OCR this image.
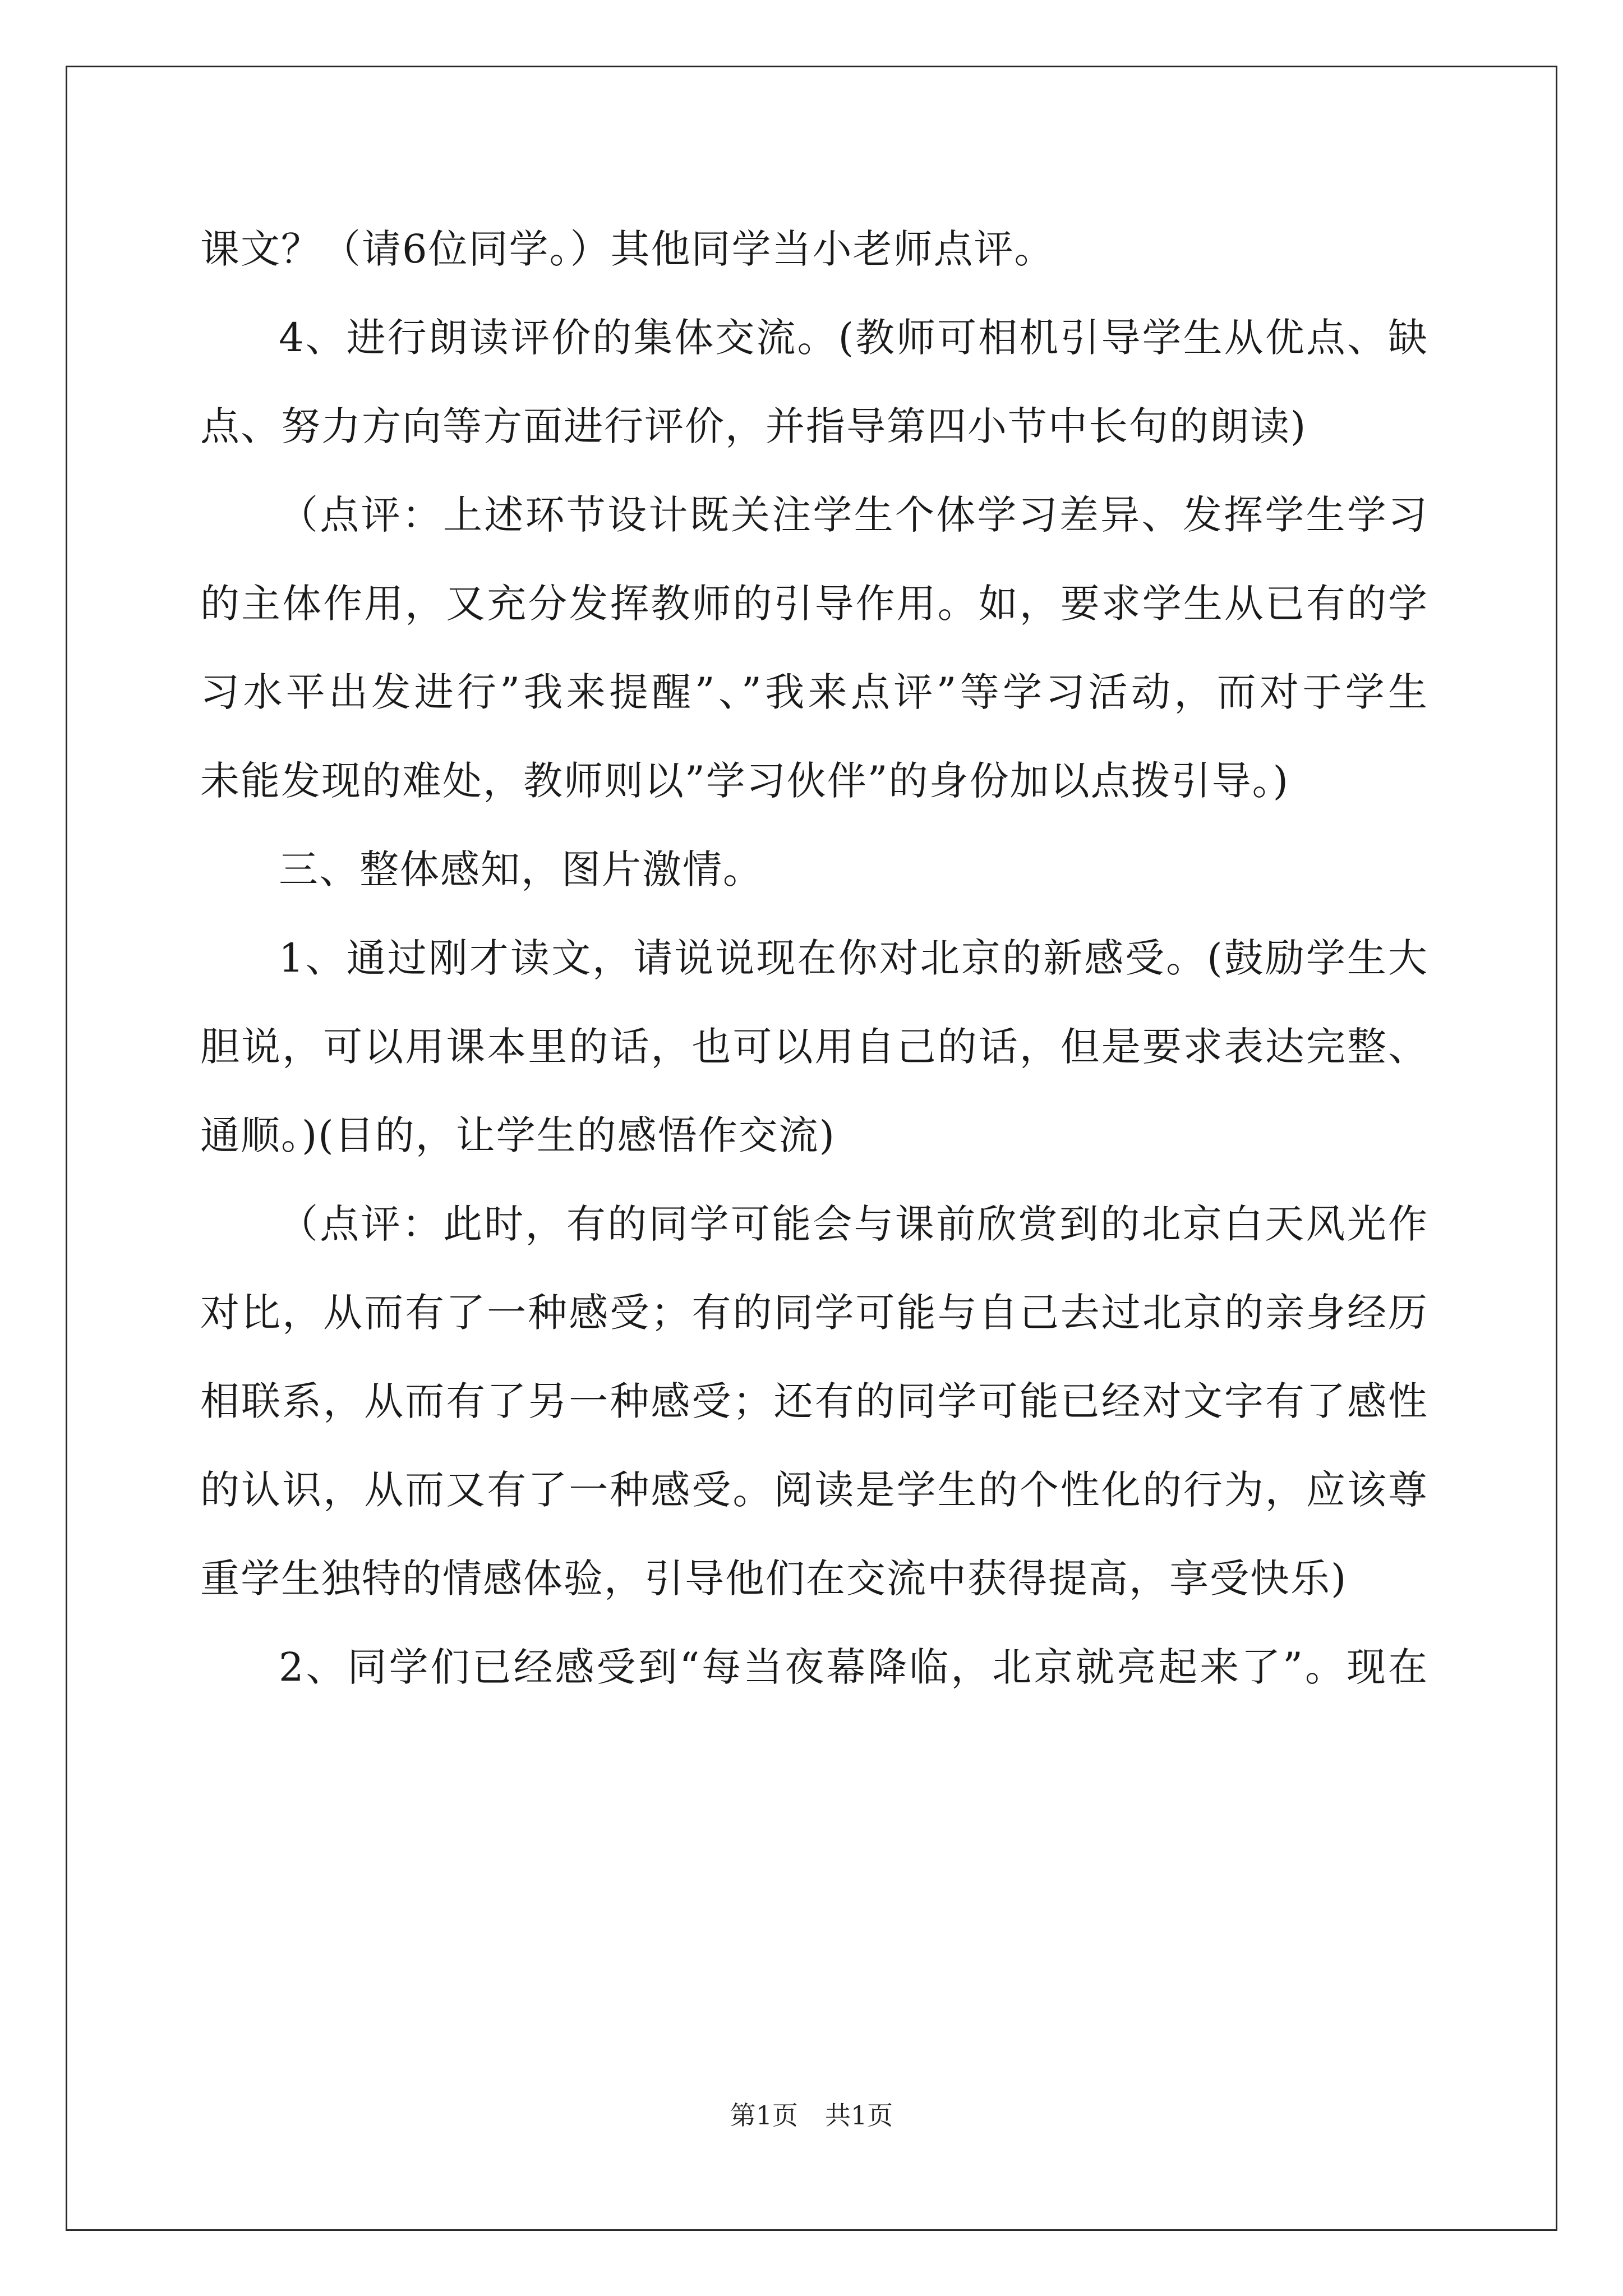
课文？（请6位同学。）其他同学当小老师点评。
4、进行朗读评价的集体交流。(教师可相机引导学生从优点、缺
点、努力方向等方面进行评价，并指导第四小节中长句的朗读)
（点评：上述环节设计既关注学生个体学习差异、发挥学生学习
的主体作用，又充分发挥教师的引导作用。如，要求学生从已有的学
习水平出发进行”我来提醒”、”我来点评”等学习活动，而对于学生
未能发现的难处，教师则以”学习伙伴”的身份加以点拨引导。)
三、整体感知，图片激情。
1、通过刚才读文，请说说现在你对北京的新感受。(鼓励学生大
胆说，可以用课本里的话，也可以用自己的话，但是要求表达完整、
通顺。)(目的，让学生的感悟作交流)
（点评：此时，有的同学可能会与课前欣赏到的北京白天风光作
对比，从而有了一种感受；有的同学可能与自己去过北京的亲身经历
相联系，从而有了另一种感受；还有的同学可能已经对文字有了感性
的认识，从而又有了一种感受。阅读是学生的个性化的行为，应该尊
重学生独特的情感体验，引导他们在交流中获得提高，享受快乐)
2、同学们已经感受到“每当夜幕降临，北京就亮起来了”。现在
第1页 共1页
